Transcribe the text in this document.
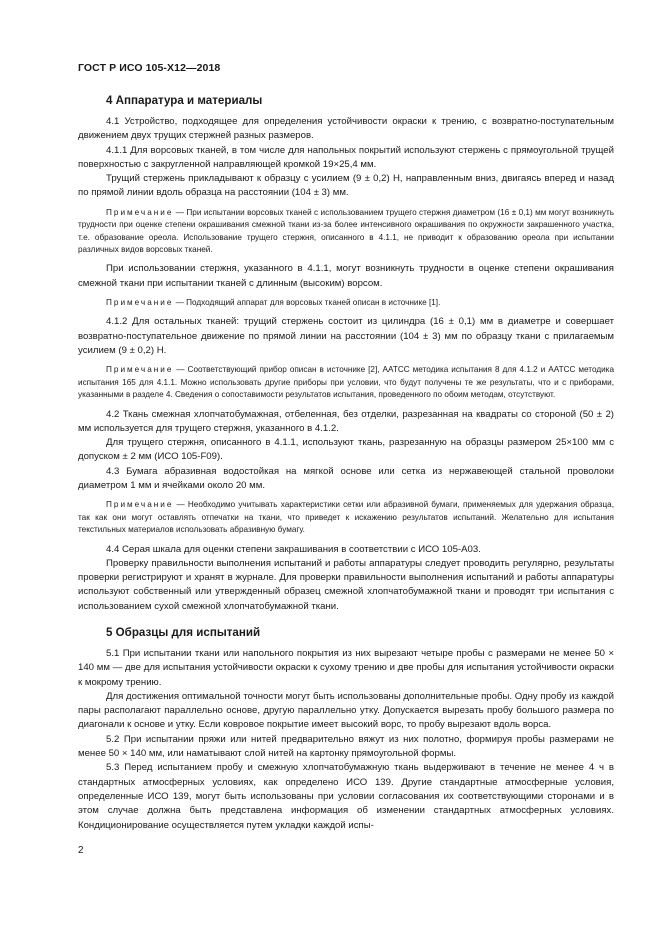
ГОСТ Р ИСО 105-Х12—2018
4 Аппаратура и материалы

4.1 Устройство, подходящее для определения устойчивости окраски к трению, с возвратно-поступательным движением двух трущих стержней разных размеров.

4.1.1 Для ворсовых тканей, в том числе для напольных покрытий используют стержень с прямоугольной трущей поверхностью с закругленной направляющей кромкой 19×25,4 мм.

Трущий стержень прикладывают к образцу с усилием (9 ± 0,2) Н, направленным вниз, двигаясь вперед и назад по прямой линии вдоль образца на расстоянии (104 ± 3) мм.

Примечание — При испытании ворсовых тканей с использованием трущего стержня диаметром (16 ± 0,1) мм могут возникнуть трудности при оценке степени окрашивания смежной ткани из-за более интенсивного окрашивания по окружности закрашенного участка, т.е. образование ореола. Использование трущего стержня, описанного в 4.1.1, не приводит к образованию ореола при испытании различных видов ворсовых тканей.

При использовании стержня, указанного в 4.1.1, могут возникнуть трудности в оценке степени окрашивания смежной ткани при испытании тканей с длинным (высоким) ворсом.

Примечание — Подходящий аппарат для ворсовых тканей описан в источнике [1].

4.1.2 Для остальных тканей: трущий стержень состоит из цилиндра (16 ± 0,1) мм в диаметре и совершает возвратно-поступательное движение по прямой линии на расстоянии (104 ± 3) мм по образцу ткани с прилагаемым усилием (9 ± 0,2) Н.

Примечание — Соответствующий прибор описан в источнике [2], AATCC методика испытания 8 для 4.1.2 и AATCC методика испытания 165 для 4.1.1. Можно использовать другие приборы при условии, что будут получены те же результаты, что и с приборами, указанными в разделе 4. Сведения о сопоставимости результатов испытания, проведенного по обоим методам, отсутствуют.

4.2 Ткань смежная хлопчатобумажная, отбеленная, без отделки, разрезанная на квадраты со стороной (50 ± 2) мм используется для трущего стержня, указанного в 4.1.2.

Для трущего стержня, описанного в 4.1.1, используют ткань, разрезанную на образцы размером 25×100 мм с допуском ± 2 мм (ИСО 105-F09).

4.3 Бумага абразивная водостойкая на мягкой основе или сетка из нержавеющей стальной проволоки диаметром 1 мм и ячейками около 20 мм.

Примечание — Необходимо учитывать характеристики сетки или абразивной бумаги, применяемых для удержания образца, так как они могут оставлять отпечатки на ткани, что приведет к искажению результатов испытаний. Желательно для испытания текстильных материалов использовать абразивную бумагу.

4.4 Серая шкала для оценки степени закрашивания в соответствии с ИСО 105-А03.

Проверку правильности выполнения испытаний и работы аппаратуры следует проводить регулярно, результаты проверки регистрируют и хранят в журнале. Для проверки правильности выполнения испытаний и работы аппаратуры используют собственный или утвержденный образец смежной хлопчатобумажной ткани и проводят три испытания с использованием сухой смежной хлопчатобумажной ткани.

5 Образцы для испытаний

5.1 При испытании ткани или напольного покрытия из них вырезают четыре пробы с размерами не менее 50 × 140 мм — две для испытания устойчивости окраски к сухому трению и две пробы для испытания устойчивости окраски к мокрому трению.

Для достижения оптимальной точности могут быть использованы дополнительные пробы. Одну пробу из каждой пары располагают параллельно основе, другую параллельно утку. Допускается вырезать пробу большого размера по диагонали к основе и утку. Если ковровое покрытие имеет высокий ворс, то пробу вырезают вдоль ворса.

5.2 При испытании пряжи или нитей предварительно вяжут из них полотно, формируя пробы размерами не менее 50 × 140 мм, или наматывают слой нитей на картонку прямоугольной формы.

5.3 Перед испытанием пробу и смежную хлопчатобумажную ткань выдерживают в течение не менее 4 ч в стандартных атмосферных условиях, как определено ИСО 139. Другие стандартные атмосферные условия, определенные ИСО 139, могут быть использованы при условии согласования их соответствующими сторонами и в этом случае должна быть представлена информация об изменении стандартных атмосферных условиях. Кондиционирование осуществляется путем укладки каждой испы-

2
